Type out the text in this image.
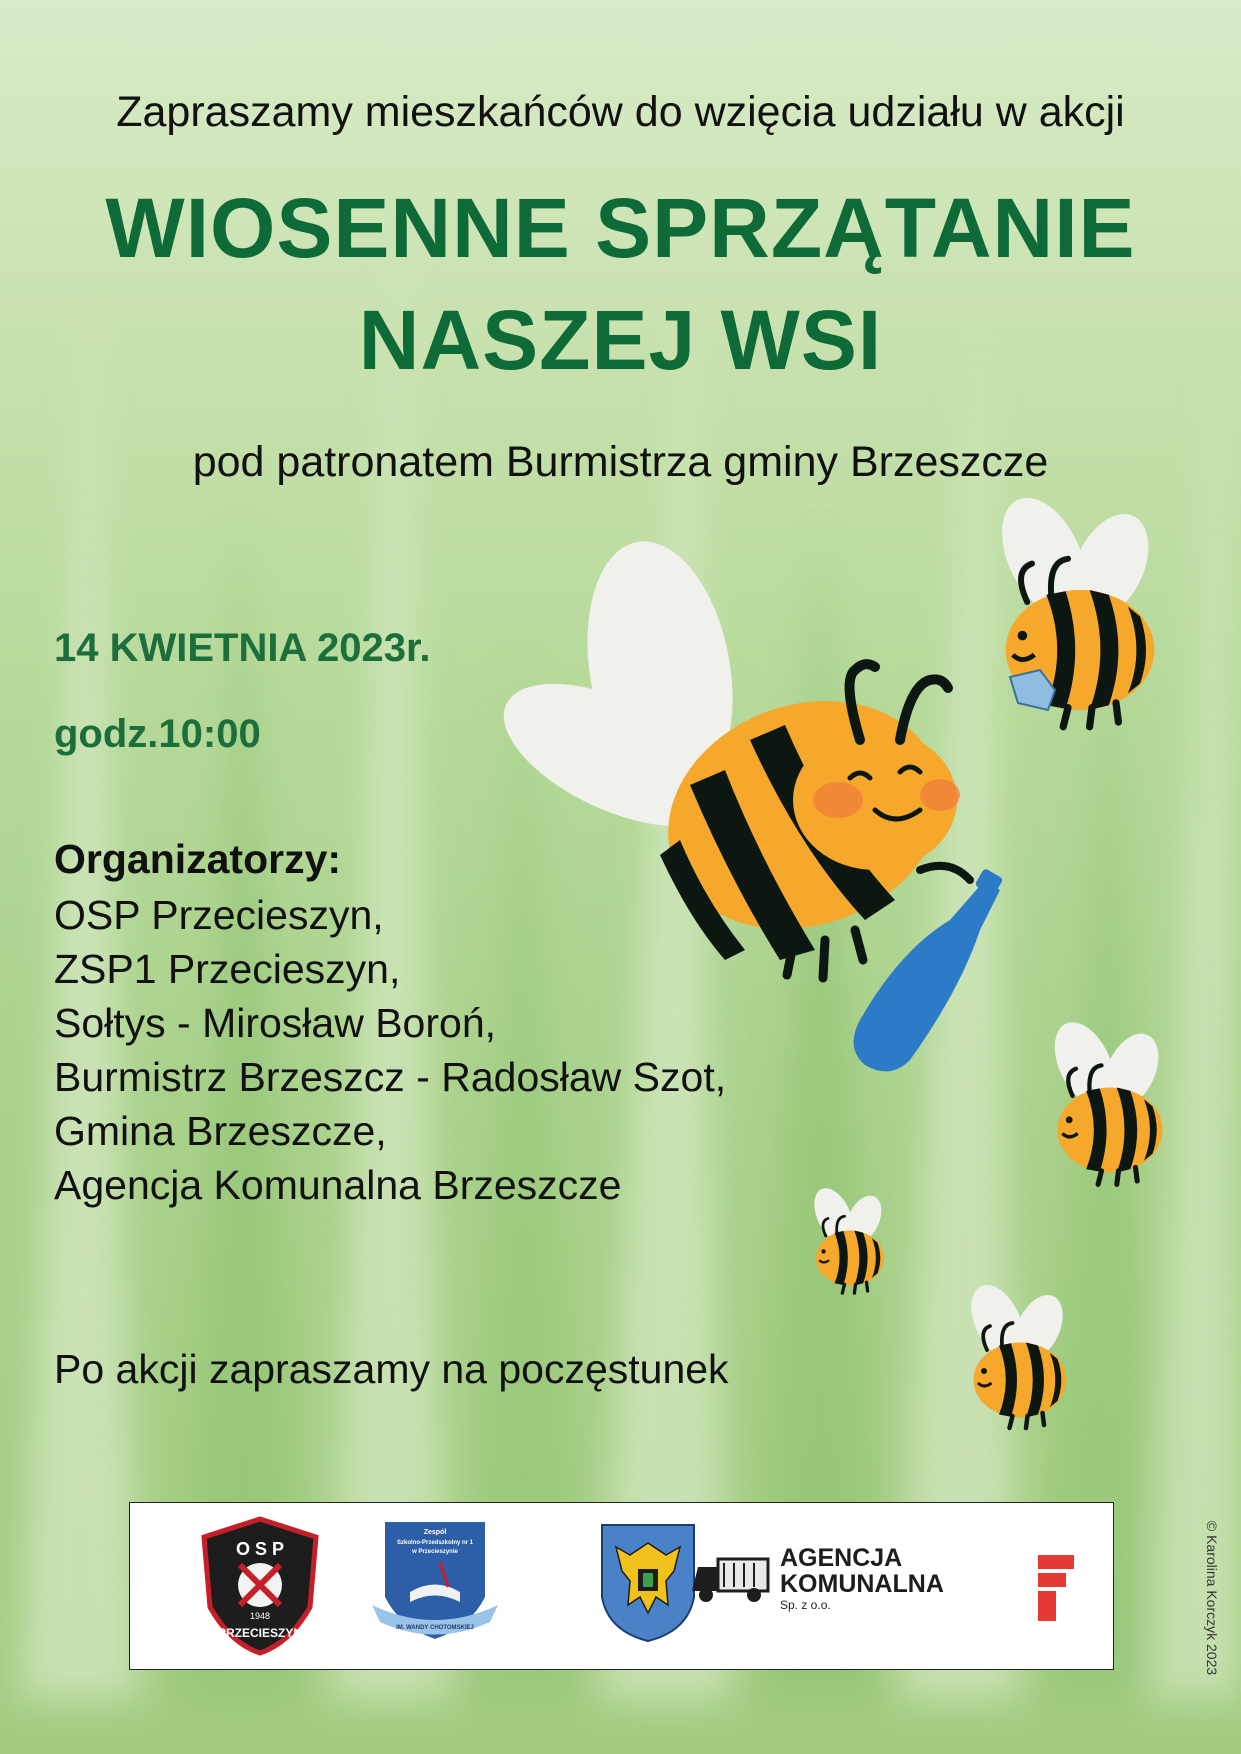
Zapraszamy mieszkańców do wzięcia udziału w akcji

WIOSENNE SPRZĄTANIE
NASZEJ WSI

pod patronatem Burmistrza gminy Brzeszcze

14 KWIETNIA 2023r.

godz.10:00

Organizatorzy:

OSP Przecieszyn,
ZSP1 Przecieszyn,
Sołtys - Mirosław Boroń,
Burmistrz Brzeszcz - Radosław Szot,
Gmina Brzeszcze,
Agencja Komunalna Brzeszcze

Po akcji zapraszamy na poczęstunek

O S P
1948
PRZECIESZYN
Zespół
Szkolno-Przedszkolny nr 1
w Przecieszynie
IM. WANDY CHOTOMSKIEJ
AGENCJA
KOMUNALNA
Sp. z o.o.	© Karolina Korczyk 2023
